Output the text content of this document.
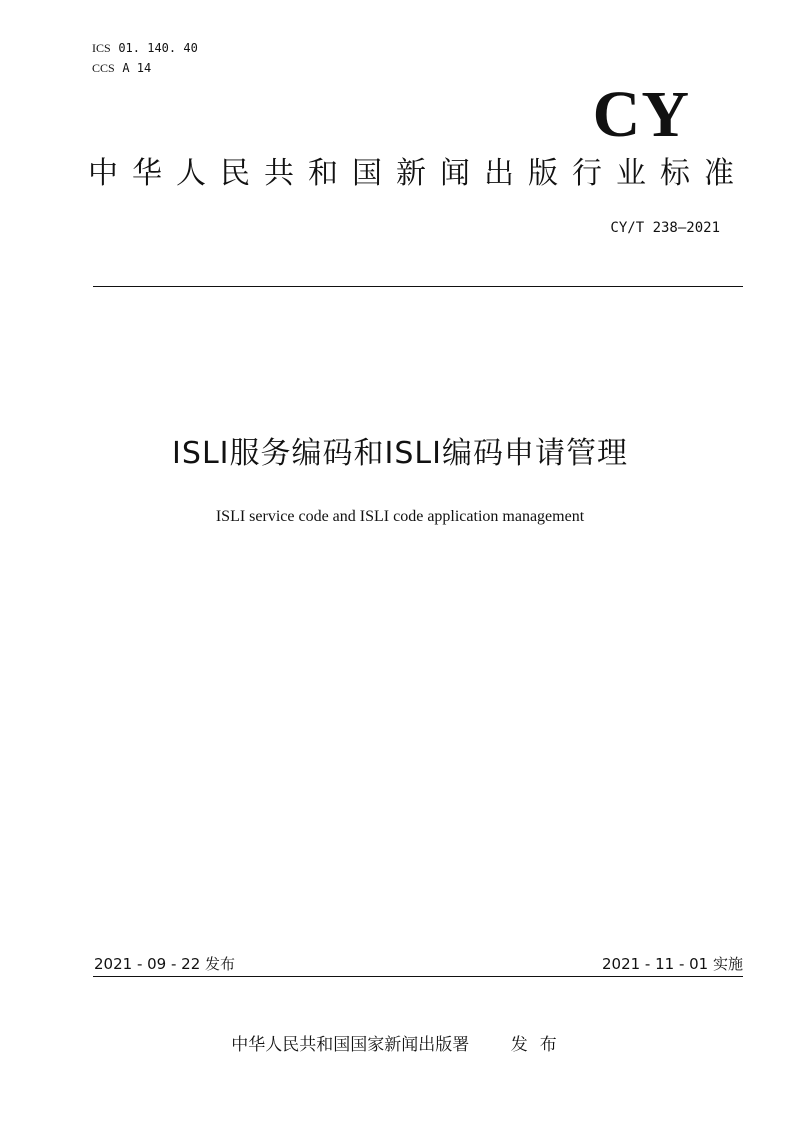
ICS 01. 140. 40
CCS A 14
CY
中华人民共和国新闻出版行业标准
CY/T 238—2021
ISLI服务编码和ISLI编码申请管理
ISLI service code and ISLI code application management
2021 - 09 - 22 发布	2021 - 11 - 01 实施
中华人民共和国国家新闻出版署 发布
